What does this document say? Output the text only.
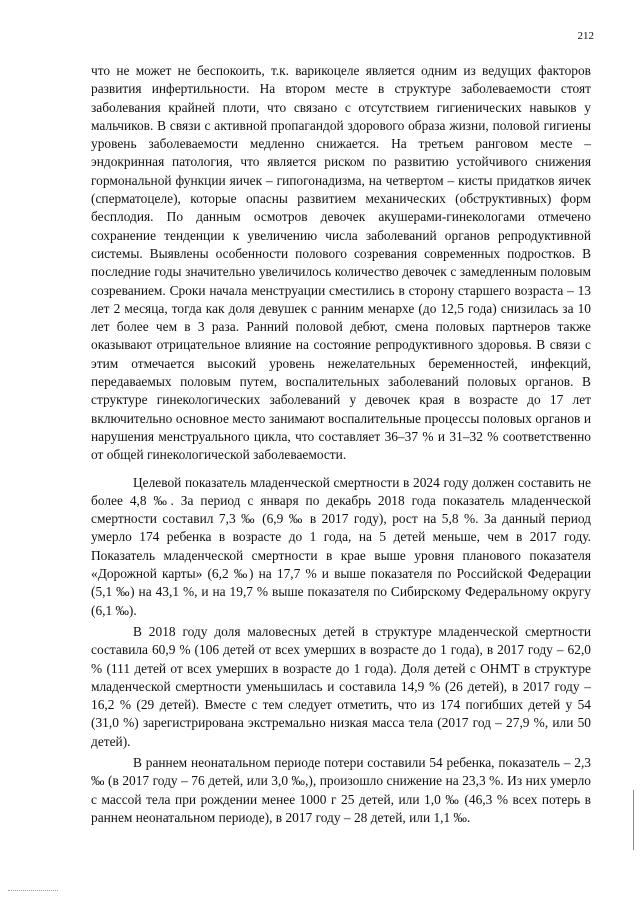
212

что не может не беспокоить, т.к. варикоцеле является одним из ведущих факторов развития инфертильности. На втором месте в структуре заболеваемости стоят заболевания крайней плоти, что связано с отсутствием гигиенических навыков у мальчиков. В связи с активной пропагандой здорового образа жизни, половой гигиены уровень заболеваемости медленно снижается. На третьем ранговом месте – эндокринная патология, что является риском по развитию устойчивого снижения гормональной функции яичек – гипогонадизма, на четвертом – кисты придатков яичек (сперматоцеле), которые опасны развитием механических (обструктивных) форм бесплодия. По данным осмотров девочек акушерами-гинекологами отмечено сохранение тенденции к увеличению числа заболеваний органов репродуктивной системы. Выявлены особенности полового созревания современных подростков. В последние годы значительно увеличилось количество девочек с замедленным половым созреванием. Сроки начала менструации сместились в сторону старшего возраста – 13 лет 2 месяца, тогда как доля девушек с ранним менархе (до 12,5 года) снизилась за 10 лет более чем в 3 раза. Ранний половой дебют, смена половых партнеров также оказывают отрицательное влияние на состояние репродуктивного здоровья. В связи с этим отмечается высокий уровень нежелательных беременностей, инфекций, передаваемых половым путем, воспалительных заболеваний половых органов. В структуре гинекологических заболеваний у девочек края в возрасте до 17 лет включительно основное место занимают воспалительные процессы половых органов и нарушения менструального цикла, что составляет 36–37 % и 31–32 % соответственно от общей гинекологической заболеваемости.

Целевой показатель младенческой смертности в 2024 году должен составить не более 4,8 ‰. За период с января по декабрь 2018 года показатель младенческой смертности составил 7,3 ‰ (6,9 ‰ в 2017 году), рост на 5,8 %. За данный период умерло 174 ребенка в возрасте до 1 года, на 5 детей меньше, чем в 2017 году. Показатель младенческой смертности в крае выше уровня планового показателя «Дорожной карты» (6,2 ‰) на 17,7 % и выше показателя по Российской Федерации (5,1 ‰) на 43,1 %, и на 19,7 % выше показателя по Сибирскому Федеральному округу (6,1 ‰).

В 2018 году доля маловесных детей в структуре младенческой смертности составила 60,9 % (106 детей от всех умерших в возрасте до 1 года), в 2017 году – 62,0 % (111 детей от всех умерших в возрасте до 1 года). Доля детей с ОНМТ в структуре младенческой смертности уменьшилась и составила 14,9 % (26 детей), в 2017 году – 16,2 % (29 детей). Вместе с тем следует отметить, что из 174 погибших детей у 54 (31,0 %) зарегистрирована экстремально низкая масса тела (2017 год – 27,9 %, или 50 детей).

В раннем неонатальном периоде потери составили 54 ребенка, показатель – 2,3 ‰ (в 2017 году – 76 детей, или 3,0 ‰,), произошло снижение на 23,3 %. Из них умерло с массой тела при рождении менее 1000 г 25 детей, или 1,0 ‰ (46,3 % всех потерь в раннем неонатальном периоде), в 2017 году – 28 детей, или 1,1 ‰.
